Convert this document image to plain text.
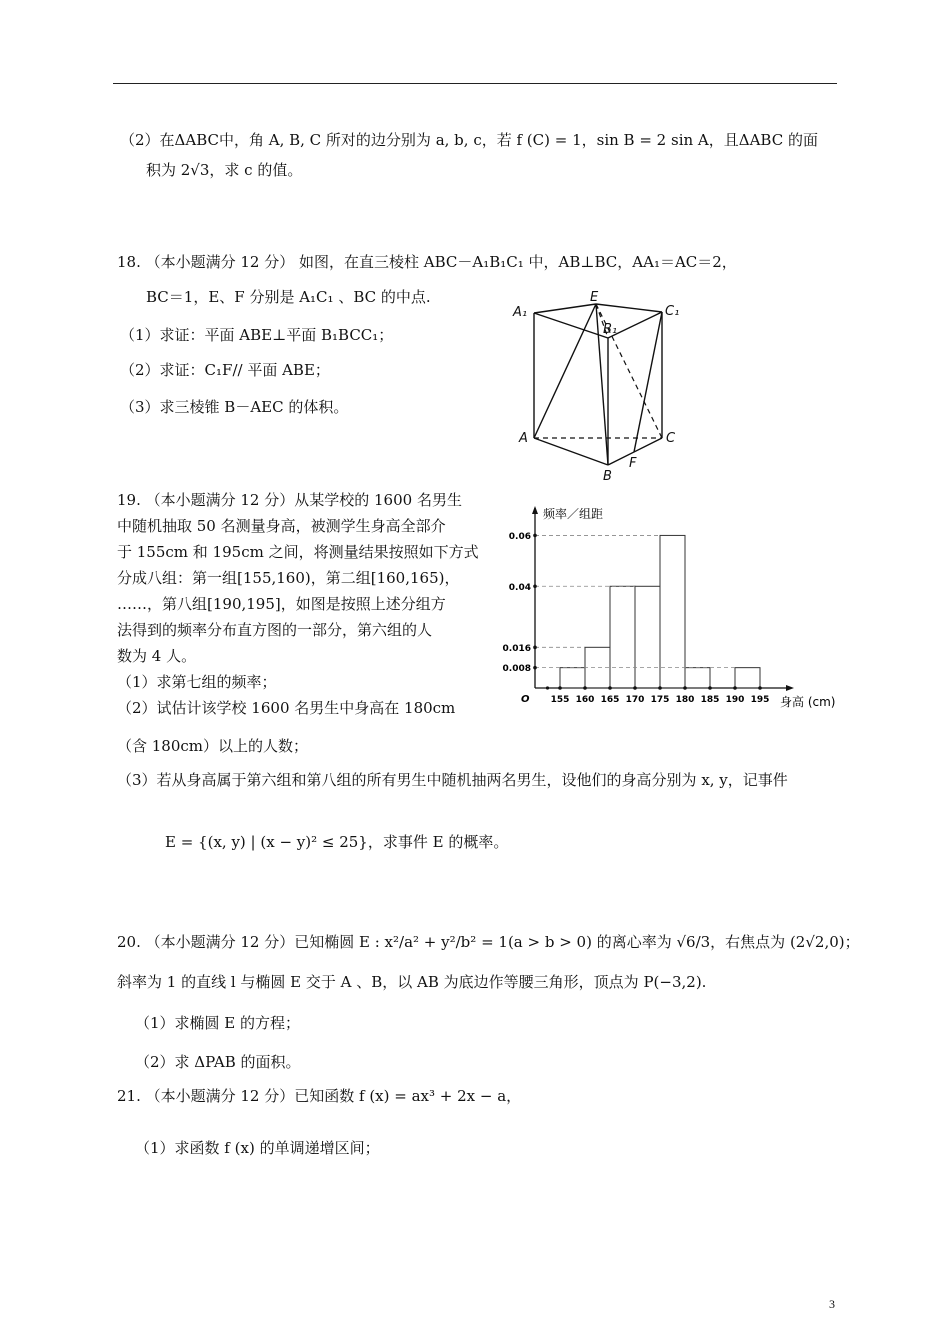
（2）在ΔABC中，角 A, B, C 所对的边分别为 a, b, c，若 f (C) = 1，sin B = 2 sin A，且ΔABC 的面
积为 2√3，求 c 的值。
18. （本小题满分 12 分） 如图，在直三棱柱 ABC－A₁B₁C₁ 中，AB⊥BC，AA₁＝AC＝2，
BC＝1，E、F 分别是 A₁C₁ 、BC 的中点.
（1）求证：平面 ABE⊥平面 B₁BCC₁；
（2）求证：C₁F// 平面 ABE；
（3）求三棱锥 B－AEC 的体积。
A₁
E
C₁
B₁
A	C
B
F
19. （本小题满分 12 分）从某学校的 1600 名男生
中随机抽取 50 名测量身高，被测学生身高全部介
于 155cm 和 195cm 之间，将测量结果按照如下方式
分成八组：第一组[155,160)，第二组[160,165)，
……，第八组[190,195]，如图是按照上述分组方
法得到的频率分布直方图的一部分，第六组的人
数为 4 人。
（1）求第七组的频率；
（2）试估计该学校 1600 名男生中身高在 180cm
（含 180cm）以上的人数；
（3）若从身高属于第六组和第八组的所有男生中随机抽两名男生，设他们的身高分别为 x, y，记事件
E = {(x, y) | (x − y)² ≤ 25}，求事件 E 的概率。
频率／组距
身高 (cm)
O
0.06
0.04
0.016
0.008
155 160 165 170 175 180 185 190 195
20. （本小题满分 12 分）已知椭圆 E : x²/a² + y²/b² = 1(a > b > 0) 的离心率为 √6/3，右焦点为 (2√2,0)；
斜率为 1 的直线 l 与椭圆 E 交于 A 、B，以 AB 为底边作等腰三角形，顶点为 P(−3,2).
（1）求椭圆 E 的方程；
（2）求 ΔPAB 的面积。
21. （本小题满分 12 分）已知函数 f (x) = ax³ + 2x − a，
（1）求函数 f (x) 的单调递增区间；
3
